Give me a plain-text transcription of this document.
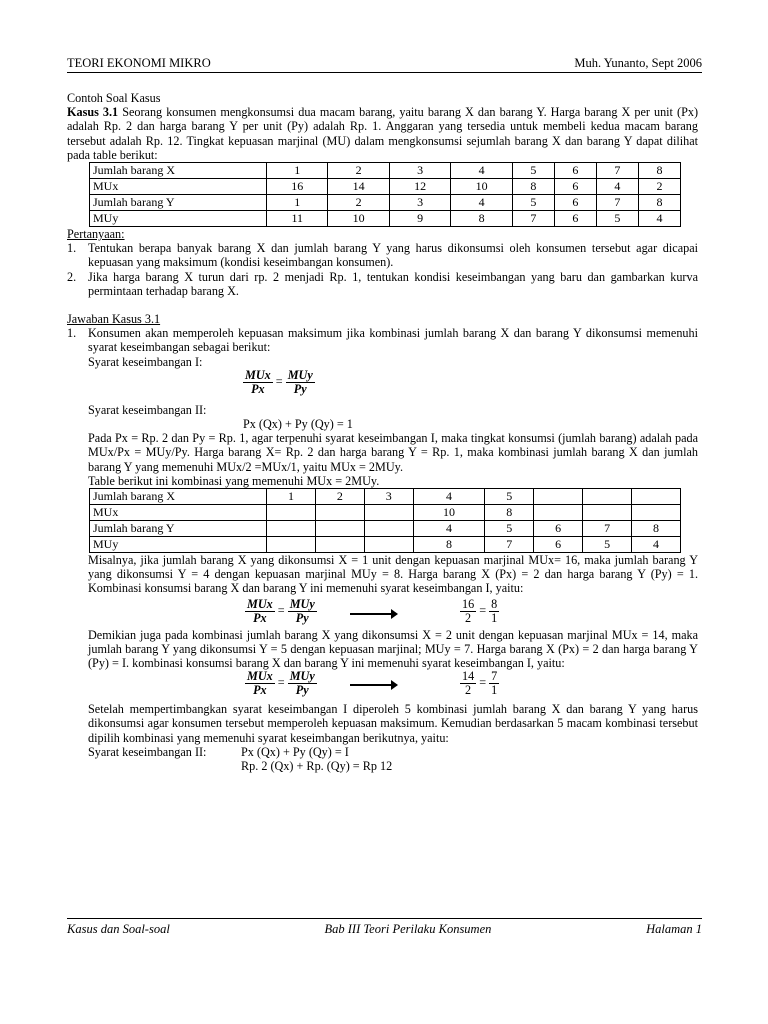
TEORI EKONOMI MIKRO	Muh. Yunanto, Sept 2006
Contoh Soal Kasus

Kasus 3.1 Seorang konsumen mengkonsumsi dua macam barang, yaitu barang X dan barang Y. Harga barang X per unit (Px) adalah Rp. 2 dan harga barang Y per unit (Py) adalah Rp. 1. Anggaran yang tersedia untuk membeli kedua macam barang tersebut adalah Rp. 12. Tingkat kepuasan marjinal (MU) dalam mengkonsumsi sejumlah barang X dan barang Y dapat dilihat pada table berikut:

Jumlah barang X	1	2	3	4	5	6	7	8
MUx	16	14	12	10	8	6	4	2
Jumlah barang Y	1	2	3	4	5	6	7	8
MUy	11	10	9	8	7	6	5	4
Pertanyaan:
1. Tentukan berapa banyak barang X dan jumlah barang Y yang harus dikonsumsi oleh konsumen tersebut agar dicapai kepuasan yang maksimum (kondisi keseimbangan konsumen).
2. Jika harga barang X turun dari rp. 2 menjadi Rp. 1, tentukan kondisi keseimbangan yang baru dan gambarkan kurva permintaan terhadap barang X.
Jawaban Kasus 3.1
1. Konsumen akan memperoleh kepuasan maksimum jika kombinasi jumlah barang X dan barang Y dikonsumsi memenuhi syarat keseimbangan sebagai berikut:
Syarat keseimbangan I:
$\frac{\text{MUx}}{Px} = \frac{\text{MUy}}{Py}$
Syarat keseimbangan II:
Px (Qx) + Py (Qy) = 1

Pada Px = Rp. 2 dan Py = Rp. 1, agar terpenuhi syarat keseimbangan I, maka tingkat konsumsi (jumlah barang) adalah pada MUx/Px = MUy/Py. Harga barang X= Rp. 2 dan harga barang Y = Rp. 1, maka kombinasi jumlah barang X dan jumlah barang Y yang memenuhi MUx/2 =MUx/1, yaitu MUx = 2MUy.

Table berikut ini kombinasi yang memenuhi MUx = 2MUy.
Jumlah barang X	1	2	3	4	5			
MUx				10	8			
Jumlah barang Y				4	5	6	7	8
MUy				8	7	6	5	4

Misalnya, jika jumlah barang X yang dikonsumsi X = 1 unit dengan kepuasan marjinal MUx= 16, maka jumlah barang Y yang dikonsumsi Y = 4 dengan kepuasan marjinal MUy = 8. Harga barang X (Px) = 2 dan harga barang Y (Py) = 1. Kombinasi konsumsi barang X dan barang Y ini memenuhi syarat keseimbangan I, yaitu:

$\frac{\text{MUx}}{Px} = \frac{\text{MUy}}{Py}$	$\frac{16}{2} = \frac{8}{1}$

Demikian juga pada kombinasi jumlah barang X yang dikonsumsi X = 2 unit dengan kepuasan marjinal MUx = 14, maka jumlah barang Y yang dikonsumsi Y = 5 dengan kepuasan marjinal; MUy = 7. Harga barang X (Px) = 2 dan harga barang Y (Py) = I. kombinasi konsumsi barang X dan barang Y ini memenuhi syarat keseimbangan I, yaitu:

$\frac{\text{MUx}}{Px} = \frac{\text{MUy}}{Py}$	$\frac{14}{2} = \frac{7}{1}$

Setelah mempertimbangkan syarat keseimbangan I diperoleh 5 kombinasi jumlah barang X dan barang Y yang harus dikonsumsi agar konsumen tersebut memperoleh kepuasan maksimum. Kemudian berdasarkan 5 macam kombinasi tersebut dipilih kombinasi yang memenuhi syarat keseimbangan berikutnya, yaitu:

Syarat keseimbangan II:	Px (Qx) + Py (Qy) = I
Rp. 2 (Qx) + Rp. (Qy) = Rp 12
Kasus dan Soal-soal	Bab III Teori Perilaku Konsumen	Halaman 1
